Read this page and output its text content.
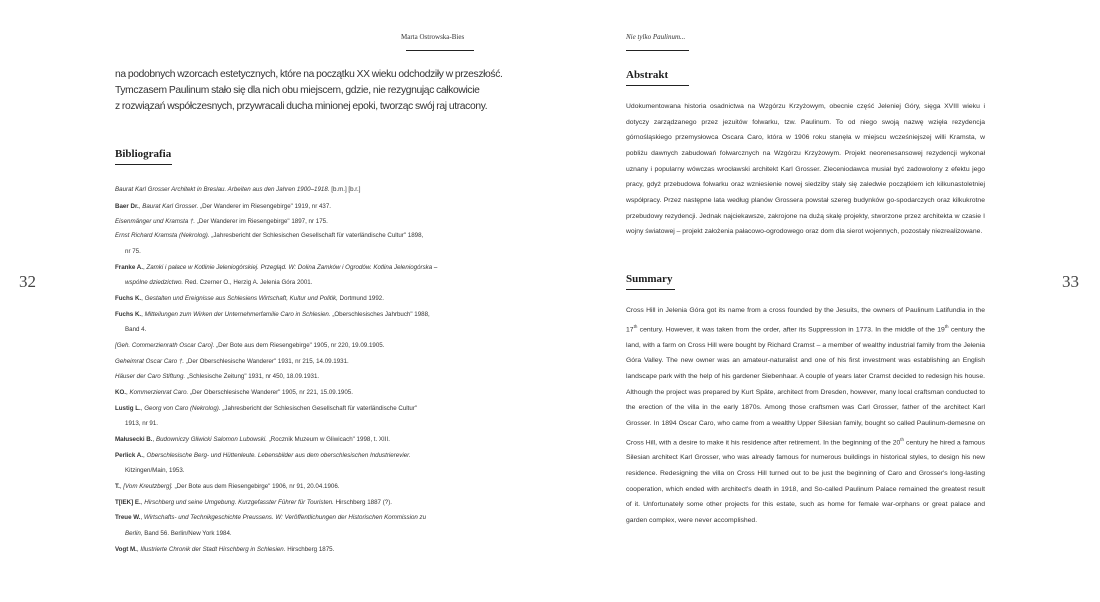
32
Marta Ostrowska-Bies
na podobnych wzorcach estetycznych, które na początku XX wieku odchodziły w przeszłość.
Tymczasem Paulinum stało się dla nich obu miejscem, gdzie, nie rezygnując całkowicie
z rozwiązań współczesnych, przywracali ducha minionej epoki, tworząc swój raj utracony.
Bibliografia
Baurat Karl Grosser Architekt in Breslau. Arbeiten aus den Jahren 1900–1918. [b.m.] [b.r.]
Baer Dr., Baurat Karl Grosser. „Der Wanderer im Riesengebirge" 1919, nr 437.
Eisenmänger und Kramsta †. „Der Wanderer im Riesengebirge" 1897, nr 175.
Ernst Richard Kramsta (Nekrolog). „Jahresbericht der Schlesischen Gesellschaft für vaterländische Cultur" 1898,
nr 75.
Franke A., Zamki i pałace w Kotlinie Jeleniogórskiej. Przegląd. W: Dolina Zamków i Ogrodów. Kotlina Jeleniogórska –
wspólne dziedzictwo. Red. Czerner O., Herzig A. Jelenia Góra 2001.
Fuchs K., Gestalten und Ereignisse aus Schlesiens Wirtschaft, Kultur und Politik, Dortmund 1992.
Fuchs K., Mitteilungen zum Wirken der Unternehmerfamilie Caro in Schlesien. „Oberschlesisches Jahrbuch" 1988,
Band 4.
[Geh. Commerzienrath Oscar Caro]. „Der Bote aus dem Riesengebirge" 1905, nr 220, 19.09.1905.
Geheimrat Oscar Caro †. „Der Oberschlesische Wanderer" 1931, nr 215, 14.09.1931.
Häuser der Caro Stiftung. „Schlesische Zeitung" 1931, nr 450, 18.09.1931.
KO., Kommerzienrat Caro. „Der Oberschlesische Wanderer" 1905, nr 221, 15.09.1905.
Lustig L., Georg von Caro (Nekrolog). „Jahresbericht der Schlesischen Gesellschaft für vaterländische Cultur"
1913, nr 91.
Małusecki B., Budowniczy Gliwicki Salomon Lubowski. „Rocznik Muzeum w Gliwicach" 1998, t. XIII.
Perlick A., Oberschlesische Berg- und Hüttenleute. Lebensbilder aus dem oberschlesischen Industrierevier.
Kitzingen/Main, 1953.
T., [Vom Kreutzberg]. „Der Bote aus dem Riesengebirge" 1906, nr 91, 20.04.1906.
T[IEK] E., Hirschberg und seine Umgebung. Kurzgefasster Führer für Touristen. Hirschberg 1887 (?).
Treue W., Wirtschafts- und Technikgeschichte Preussens. W: Veröffentlichungen der Historischen Kommission zu
Berlin, Band 56. Berlin/New York 1984.
Vogt M., Illustrierte Chronik der Stadt Hirschberg in Schlesien. Hirschberg 1875.
Nie tylko Paulinum...
33
Abstrakt
Udokumentowana historia osadnictwa na Wzgórzu Krzyżowym, obecnie część Jeleniej Góry, sięga XVIII wieku i dotyczy zarządzanego przez jezuitów folwarku, tzw. Paulinum. To od niego swoją nazwę wzięła rezydencja górnośląskiego przemysłowca Oscara Caro, która w 1906 roku stanęła w miejscu wcześniejszej willi Kramsta, w pobliżu dawnych zabudowań folwarcznych na Wzgórzu Krzyżowym. Projekt neorenesansowej rezydencji wykonał uznany i popularny wówczas wrocławski architekt Karl Grosser. Zleceniodawca musiał być zadowolony z efektu jego pracy, gdyż przebudowa folwarku oraz wzniesienie nowej siedziby stały się zaledwie początkiem ich kilkunastoletniej współpracy. Przez następne lata według planów Grossera powstał szereg budynków go-spodarczych oraz kilkukrotne przebudowy rezydencji. Jednak najciekawsze, zakrojone na dużą skalę projekty, stworzone przez architekta w czasie I wojny światowej – projekt założenia pałacowo-ogrodowego oraz dom dla sierot wojennych, pozostały niezrealizowane.
Summary
Cross Hill in Jelenia Góra got its name from a cross founded by the Jesuits, the owners of Paulinum Latifundia in the 17th century. However, it was taken from the order, after its Suppression in 1773. In the middle of the 19th century the land, with a farm on Cross Hill were bought by Richard Cramst – a member of wealthy industrial family from the Jelenia Góra Valley. The new owner was an amateur-naturalist and one of his first investment was establishing an English landscape park with the help of his gardener Siebenhaar. A couple of years later Cramst decided to redesign his house. Although the project was prepared by Kurt Späte, architect from Dresden, however, many local craftsman conducted to the erection of the villa in the early 1870s. Among those craftsmen was Carl Grosser, father of the architect Karl Grosser. In 1894 Oscar Caro, who came from a wealthy Upper Silesian family, bought so called Paulinum-demesne on Cross Hill, with a desire to make it his residence after retirement. In the beginning of the 20th century he hired a famous Silesian architect Karl Grosser, who was already famous for numerous buildings in historical styles, to design his new residence. Redesigning the villa on Cross Hill turned out to be just the beginning of Caro and Grosser's long-lasting cooperation, which ended with architect's death in 1918, and So-called Paulinum Palace remained the greatest result of it. Unfortunately some other projects for this estate, such as home for female war-orphans or great palace and garden complex, were never accomplished.
